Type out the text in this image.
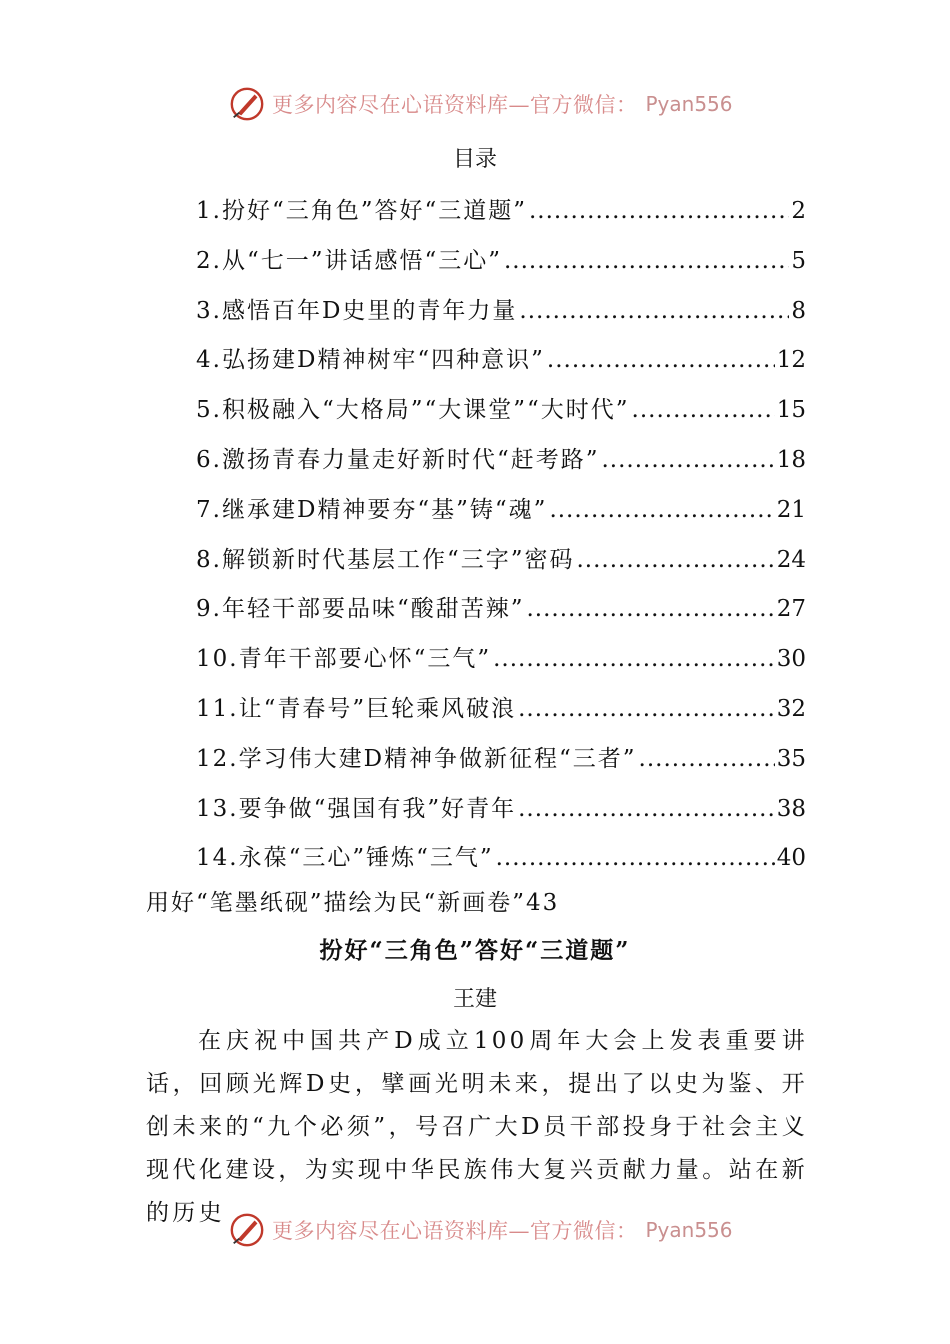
更多内容尽在心语资料库—官方微信： Pyan556
目录
1. 扮好“三角色”答好“三道题” .....	2
2. 从“七一”讲话感悟“三心” .....	5
3. 感悟百年D史里的青年力量 .....	8
4. 弘扬建D精神树牢“四种意识” .....	12
5. 积极融入“大格局”“大课堂”“大时代” .....	15
6. 激扬青春力量走好新时代“赶考路” .....	18
7. 继承建D精神要夯“基”铸“魂” .....	21
8. 解锁新时代基层工作“三字”密码 .....	24
9. 年轻干部要品味“酸甜苦辣” .....	27
10. 青年干部要心怀“三气” .....	30
11. 让“青春号”巨轮乘风破浪 .....	32
12. 学习伟大建D精神争做新征程“三者” .....	35
13. 要争做“强国有我”好青年 .....	38
14. 永葆“三心”锤炼“三气” .....	40
用好“笔墨纸砚”描绘为民“新画卷”43
扮好“三角色”答好“三道题”
王建
在庆祝中国共产D成立100周年大会上发表重要讲话，回顾光辉D史，擘画光明未来，提出了以史为鉴、开创未来的“九个必须”，号召广大D员干部投身于社会主义现代化建设，为实现中华民族伟大复兴贡献力量。站在新的历史
更多内容尽在心语资料库—官方微信： Pyan556
